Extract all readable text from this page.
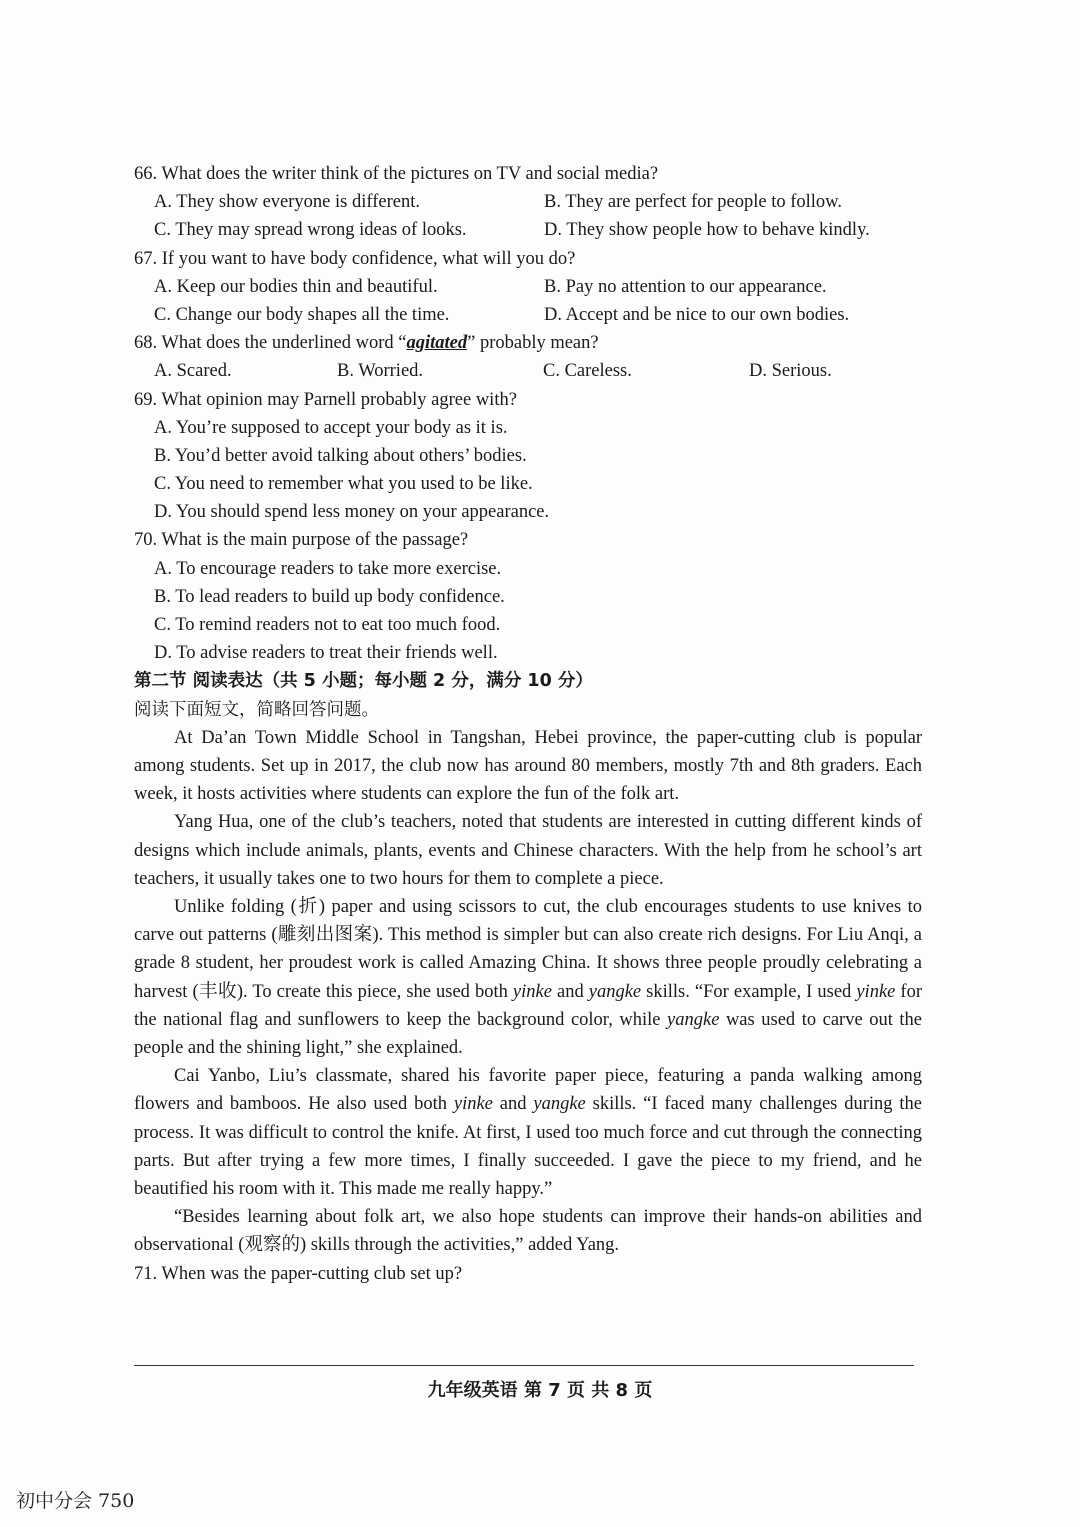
66. What does the writer think of the pictures on TV and social media?
A. They show everyone is different.	B. They are perfect for people to follow.
C. They may spread wrong ideas of looks.	D. They show people how to behave kindly.
67. If you want to have body confidence, what will you do?
A. Keep our bodies thin and beautiful.	B. Pay no attention to our appearance.
C. Change our body shapes all the time.	D. Accept and be nice to our own bodies.
68. What does the underlined word “agitated” probably mean?
A. Scared.	B. Worried.	C. Careless.	D. Serious.
69. What opinion may Parnell probably agree with?
A. You’re supposed to accept your body as it is.
B. You’d better avoid talking about others’ bodies.
C. You need to remember what you used to be like.
D. You should spend less money on your appearance.
70. What is the main purpose of the passage?
A. To encourage readers to take more exercise.
B. To lead readers to build up body confidence.
C. To remind readers not to eat too much food.
D. To advise readers to treat their friends well.
第二节 阅读表达（共 5 小题；每小题 2 分，满分 10 分）
阅读下面短文，简略回答问题。

At Da’an Town Middle School in Tangshan, Hebei province, the paper-cutting club is popular among students. Set up in 2017, the club now has around 80 members, mostly 7th and 8th graders. Each week, it hosts activities where students can explore the fun of the folk art.

Yang Hua, one of the club’s teachers, noted that students are interested in cutting different kinds of designs which include animals, plants, events and Chinese characters. With the help from he school’s art teachers, it usually takes one to two hours for them to complete a piece.

Unlike folding (折) paper and using scissors to cut, the club encourages students to use knives to carve out patterns (雕刻出图案). This method is simpler but can also create rich designs. For Liu Anqi, a grade 8 student, her proudest work is called Amazing China. It shows three people proudly celebrating a harvest (丰收). To create this piece, she used both yinke and yangke skills. “For example, I used yinke for the national flag and sunflowers to keep the background color, while yangke was used to carve out the people and the shining light,” she explained.

Cai Yanbo, Liu’s classmate, shared his favorite paper piece, featuring a panda walking among flowers and bamboos. He also used both yinke and yangke skills. “I faced many challenges during the process. It was difficult to control the knife. At first, I used too much force and cut through the connecting parts. But after trying a few more times, I finally succeeded. I gave the piece to my friend, and he beautified his room with it. This made me really happy.”

“Besides learning about folk art, we also hope students can improve their hands-on abilities and observational (观察的) skills through the activities,” added Yang.

71. When was the paper-cutting club set up?
九年级英语 第 7 页 共 8 页
初中分会 750
